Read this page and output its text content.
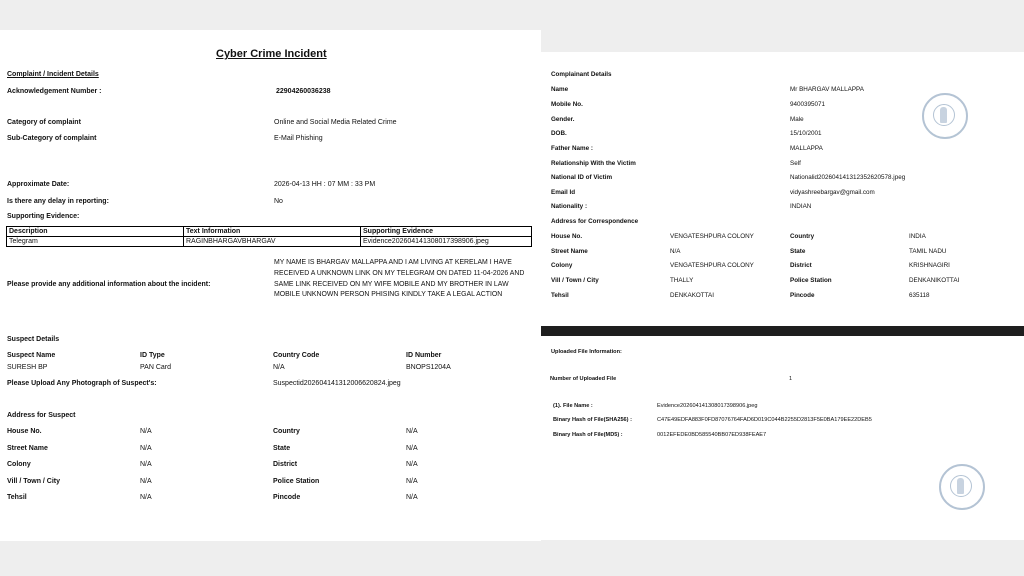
Cyber Crime Incident
Complaint / Incident Details
Acknowledgement Number :	22904260036238
Category of complaint	Online and Social Media Related Crime
Sub-Category of complaint	E-Mail Phishing
Approximate Date:	2026-04-13 HH : 07 MM : 33 PM
Is there any delay in reporting:	No
Supporting Evidence:
Description	Text Information	Supporting Evidence
Telegram	RAGINBHARGAVBHARGAV	Evidence20260414130801739890​6.jpeg
Please provide any additional information about the incident:
MY NAME IS BHARGAV MALLAPPA AND I AM LIVING AT KERELAM I HAVE RECEIVED A UNKNOWN LINK ON MY TELEGRAM ON DATED 11-04-2026 AND SAME LINK RECEIVED ON MY WIFE MOBILE AND MY BROTHER IN LAW MOBILE UNKNOWN PERSON PHISING KINDLY TAKE A LEGAL ACTION
Suspect Details
Suspect Name	ID Type	Country Code	ID Number
SURESH BP	PAN Card	N/A	BNOPS1204A
Please Upload Any Photograph of Suspect's:	Suspectid202604141312006620824.jpeg
Address for Suspect
House No.	N/A	Country	N/A
Street Name	N/A	State	N/A
Colony	N/A	District	N/A
Vill / Town / City	N/A	Police Station	N/A
Tehsil	N/A	Pincode	N/A
Complainant Details
Name	Mr BHARGAV MALLAPPA
Mobile No.	9400395071
Gender.	Male
DOB.	15/10/2001
Father Name :	MALLAPPA
Relationship With the Victim	Self
National ID of Victim	Nationalid20260414131235262057​8.jpeg
Email Id	vidyashreebargav@gmail.com
Nationality :	INDIAN
Address for Correspondence
House No.	VENGATESHPURA COLONY	Country	INDIA
Street Name	N/A	State	TAMIL NADU
Colony	VENGATESHPURA COLONY	District	KRISHNAGIRI
Vill / Town / City	THALLY	Police Station	DENKANIKOTTAI
Tehsil	DENKAKOTTAI	Pincode	635118
Uploaded File Information:
Number of Uploaded File	1
(1). File Name :	Evidence20260414130801739890​6.jpeg
Binary Hash of File(SHA256) :	C47E49EDFA883F0FD87076764FAD6D019C044B2255D2813F5E0BA179EE22DEB5
Binary Hash of File(MD5) :	0012EFEDE0BD585540BB07ED938FEAE7
